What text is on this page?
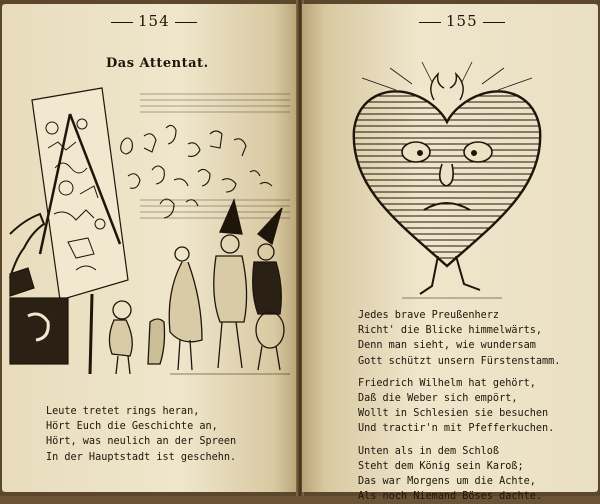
154
Das Attentat.
Leute tretet rings heran,
Hört Euch die Geschichte an,
Hört, was neulich an der Spreen
In der Hauptstadt ist geschehn.
155
Jedes brave Preußenherz
Richt' die Blicke himmelwärts,
Denn man sieht, wie wundersam
Gott schützt unsern Fürstenstamm.
Friedrich Wilhelm hat gehört,
Daß die Weber sich empört,
Wollt in Schlesien sie besuchen
Und tractir'n mit Pfefferkuchen.
Unten als in dem Schloß
Steht dem König sein Karoß;
Das war Morgens um die Achte,
Als noch Niemand Böses dachte.
